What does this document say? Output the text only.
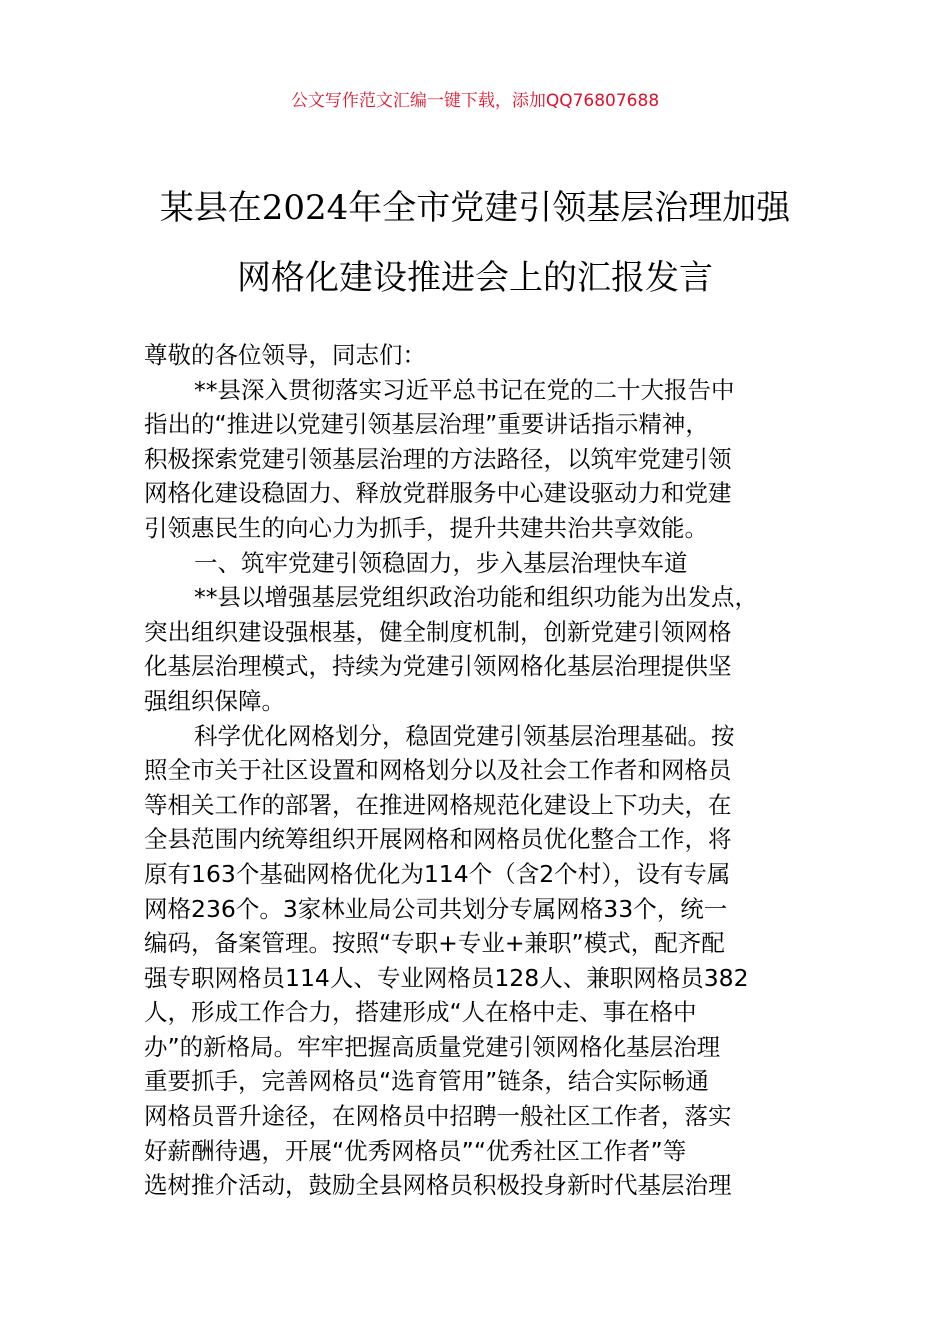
公文写作范文汇编一键下载，添加QQ76807688
某县在2024年全市党建引领基层治理加强
网格化建设推进会上的汇报发言
尊敬的各位领导，同志们：
**县深入贯彻落实习近平总书记在党的二十大报告中
指出的“推进以党建引领基层治理”重要讲话指示精神，
积极探索党建引领基层治理的方法路径，以筑牢党建引领
网格化建设稳固力、释放党群服务中心建设驱动力和党建
引领惠民生的向心力为抓手，提升共建共治共享效能。
一、筑牢党建引领稳固力，步入基层治理快车道
**县以增强基层党组织政治功能和组织功能为出发点，
突出组织建设强根基，健全制度机制，创新党建引领网格
化基层治理模式，持续为党建引领网格化基层治理提供坚
强组织保障。
科学优化网格划分，稳固党建引领基层治理基础。按
照全市关于社区设置和网格划分以及社会工作者和网格员
等相关工作的部署，在推进网格规范化建设上下功夫，在
全县范围内统筹组织开展网格和网格员优化整合工作，将
原有163个基础网格优化为114个（含2个村），设有专属
网格236个。3家林业局公司共划分专属网格33个，统一
编码，备案管理。按照“专职+专业+兼职”模式，配齐配
强专职网格员114人、专业网格员128人、兼职网格员382
人，形成工作合力，搭建形成“人在格中走、事在格中
办”的新格局。牢牢把握高质量党建引领网格化基层治理
重要抓手，完善网格员“选育管用”链条，结合实际畅通
网格员晋升途径，在网格员中招聘一般社区工作者，落实
好薪酬待遇，开展“优秀网格员”“优秀社区工作者”等
选树推介活动，鼓励全县网格员积极投身新时代基层治理
